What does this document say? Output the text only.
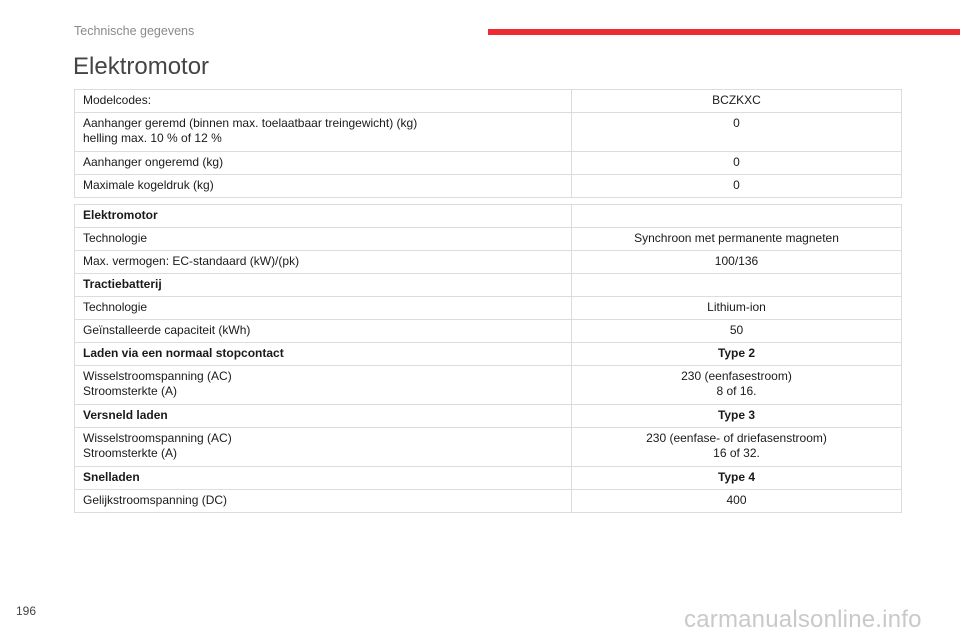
Technische gegevens
Elektromotor
Modelcodes:	BCZKXC
Aanhanger geremd (binnen max. toelaatbaar treingewicht) (kg)
helling max. 10 % of 12 %	0
Aanhanger ongeremd (kg)	0
Maximale kogeldruk (kg)	0
Elektromotor	
Technologie	Synchroon met permanente magneten
Max. vermogen: EC-standaard (kW)/(pk)	100/136
Tractiebatterij	
Technologie	Lithium-ion
Geïnstalleerde capaciteit (kWh)	50
Laden via een normaal stopcontact	Type 2
Wisselstroomspanning (AC)
Stroomsterkte (A)	230 (eenfasestroom)
8 of 16.
Versneld laden	Type 3
Wisselstroomspanning (AC)
Stroomsterkte (A)	230 (eenfase- of driefasenstroom)
16 of 32.
Snelladen	Type 4
Gelijkstroomspanning (DC)	400
196	carmanualsonline.info
